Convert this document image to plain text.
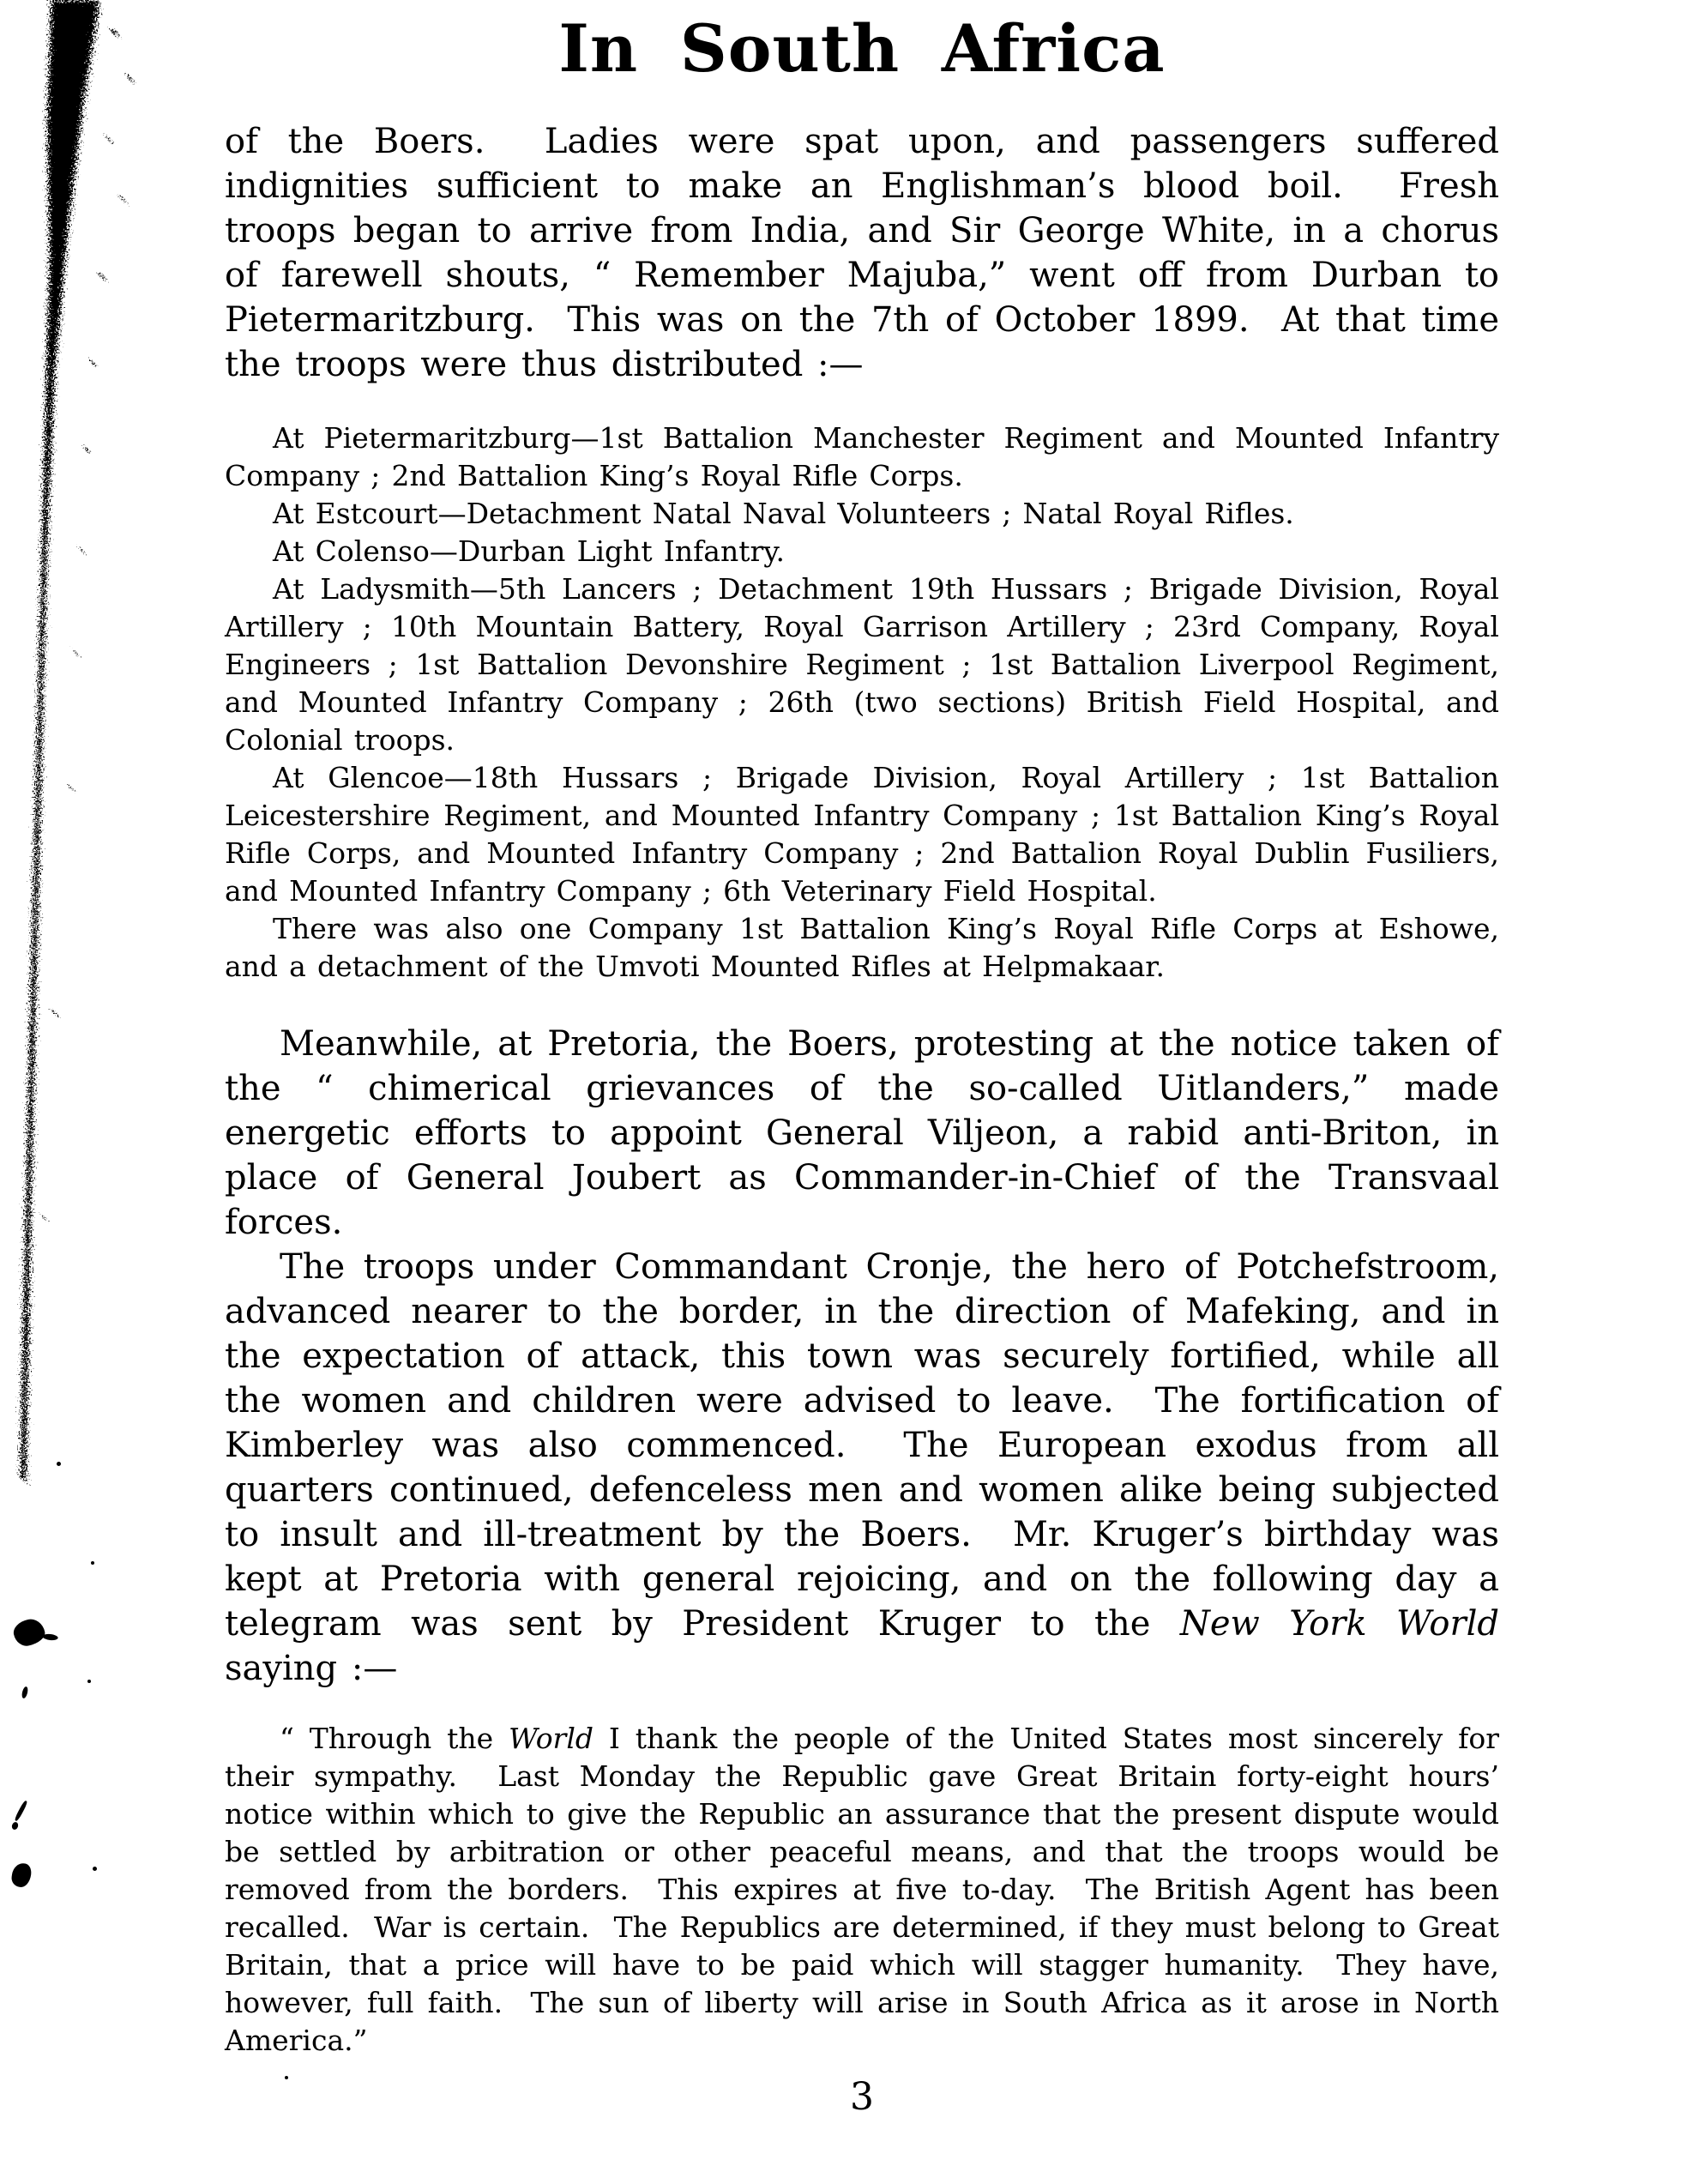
In South Africa

of the Boers.  Ladies were spat upon, and passengers suffered indignities sufficient to make an Englishman’s blood boil.  Fresh troops began to arrive from India, and Sir George White, in a chorus of farewell shouts, “ Remember Majuba,” went off from Durban to Pietermaritzburg.  This was on the 7th of October 1899.  At that time the troops were thus distributed :—

At Pietermaritzburg—1st Battalion Manchester Regiment and Mounted Infantry Company ; 2nd Battalion King’s Royal Rifle Corps.

At Estcourt—Detachment Natal Naval Volunteers ; Natal Royal Rifles.

At Colenso—Durban Light Infantry.

At Ladysmith—5th Lancers ; Detachment 19th Hussars ; Brigade Division, Royal Artillery ; 10th Mountain Battery, Royal Garrison Artillery ; 23rd Company, Royal Engineers ; 1st Battalion Devonshire Regiment ; 1st Battalion Liverpool Regiment, and Mounted Infantry Company ; 26th (two sections) British Field Hospital, and Colonial troops.

At Glencoe—18th Hussars ; Brigade Division, Royal Artillery ; 1st Battalion Leicestershire Regiment, and Mounted Infantry Company ; 1st Battalion King’s Royal Rifle Corps, and Mounted Infantry Company ; 2nd Battalion Royal Dublin Fusiliers, and Mounted Infantry Company ; 6th Veterinary Field Hospital.

There was also one Company 1st Battalion King’s Royal Rifle Corps at Eshowe, and a detachment of the Umvoti Mounted Rifles at Helpmakaar.

Meanwhile, at Pretoria, the Boers, protesting at the notice taken of the “ chimerical grievances of the so-called Uitlanders,” made energetic efforts to appoint General Viljeon, a rabid anti-Briton, in place of General Joubert as Commander-in-Chief of the Transvaal forces.

The troops under Commandant Cronje, the hero of Potchefstroom, advanced nearer to the border, in the direction of Mafeking, and in the expectation of attack, this town was securely fortified, while all the women and children were advised to leave.  The fortification of Kimberley was also commenced.  The European exodus from all quarters continued, defenceless men and women alike being subjected to insult and ill-treatment by the Boers.  Mr. Kruger’s birthday was kept at Pretoria with general rejoicing, and on the following day a telegram was sent by President Kruger to the New York World saying :—

“ Through the World I thank the people of the United States most sincerely for their sympathy.  Last Monday the Republic gave Great Britain forty-eight hours’ notice within which to give the Republic an assurance that the present dispute would be settled by arbitration or other peaceful means, and that the troops would be removed from the borders.  This expires at five to-day.  The British Agent has been recalled.  War is certain.  The Republics are determined, if they must belong to Great Britain, that a price will have to be paid which will stagger humanity.  They have, however, full faith.  The sun of liberty will arise in South Africa as it arose in North America.”

3
